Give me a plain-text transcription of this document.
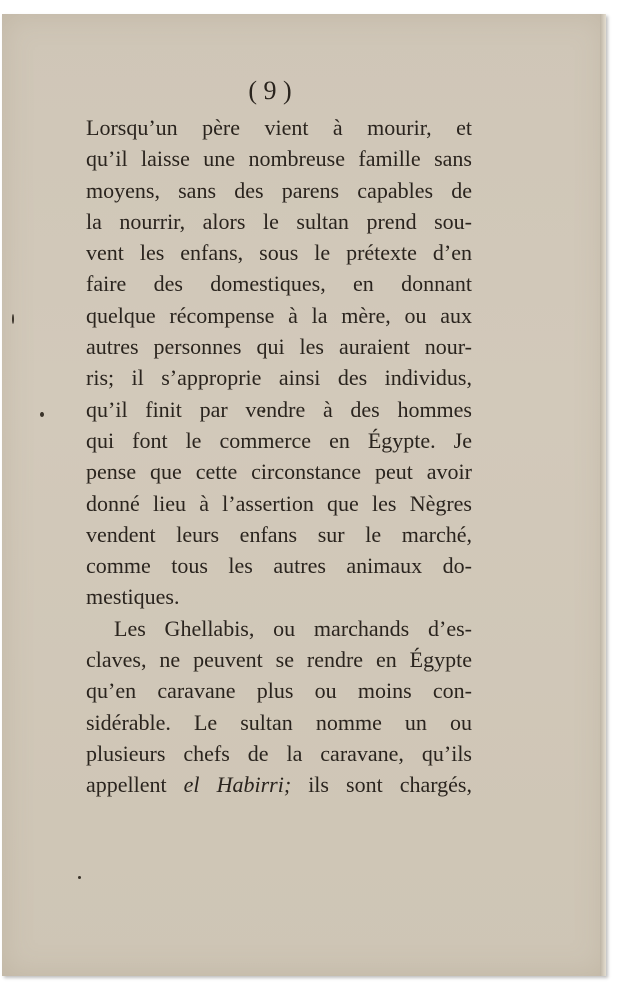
( 9 )
Lorsqu’un père vient à mourir, et
qu’il laisse une nombreuse famille sans
moyens, sans des parens capables de
la nourrir, alors le sultan prend sou-
vent les enfans, sous le prétexte d’en
faire des domestiques, en donnant
quelque récompense à la mère, ou aux
autres personnes qui les auraient nour-
ris; il s’approprie ainsi des individus,
qu’il finit par vendre à des hommes
qui font le commerce en Égypte. Je
pense que cette circonstance peut avoir
donné lieu à l’assertion que les Nègres
vendent leurs enfans sur le marché,
comme tous les autres animaux do-
mestiques.
Les Ghellabis, ou marchands d’es-
claves, ne peuvent se rendre en Égypte
qu’en caravane plus ou moins con-
sidérable. Le sultan nomme un ou
plusieurs chefs de la caravane, qu’ils
appellent el Habirri; ils sont chargés,
